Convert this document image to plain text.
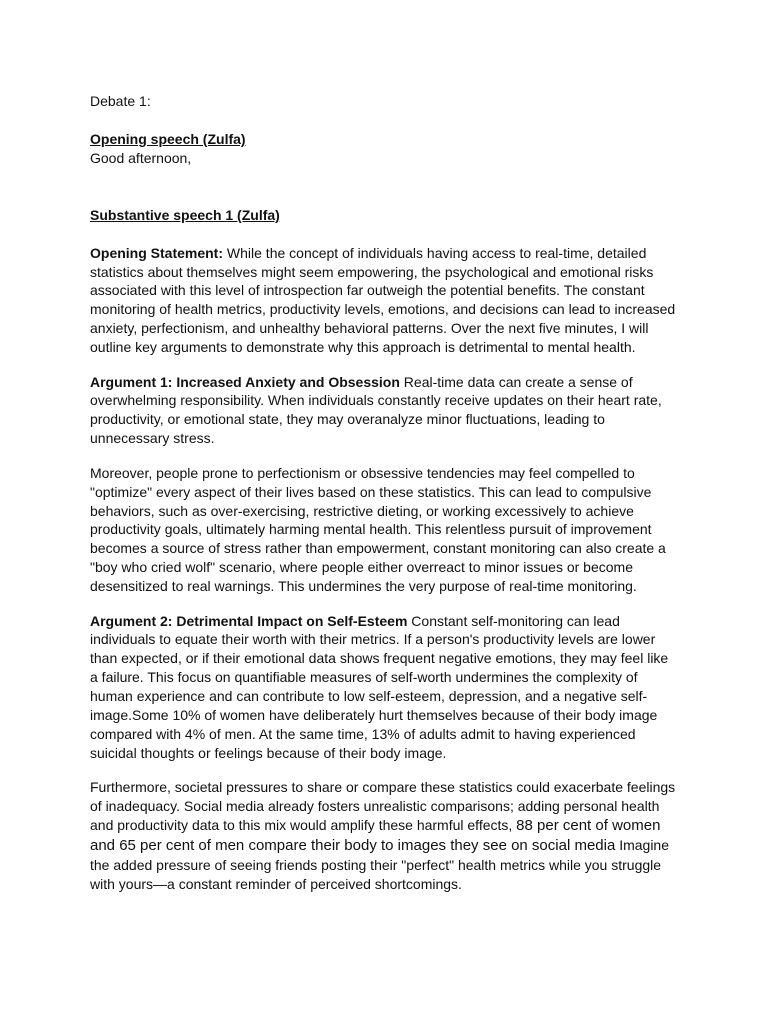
Debate 1:

Opening speech (Zulfa)

Good afternoon,

Substantive speech 1 (Zulfa)

Opening Statement: While the concept of individuals having access to real-time, detailed statistics about themselves might seem empowering, the psychological and emotional risks associated with this level of introspection far outweigh the potential benefits. The constant monitoring of health metrics, productivity levels, emotions, and decisions can lead to increased anxiety, perfectionism, and unhealthy behavioral patterns. Over the next five minutes, I will outline key arguments to demonstrate why this approach is detrimental to mental health.

Argument 1: Increased Anxiety and Obsession Real-time data can create a sense of overwhelming responsibility. When individuals constantly receive updates on their heart rate, productivity, or emotional state, they may overanalyze minor fluctuations, leading to unnecessary stress.

Moreover, people prone to perfectionism or obsessive tendencies may feel compelled to "optimize" every aspect of their lives based on these statistics. This can lead to compulsive behaviors, such as over-exercising, restrictive dieting, or working excessively to achieve productivity goals, ultimately harming mental health. This relentless pursuit of improvement becomes a source of stress rather than empowerment, constant monitoring can also create a "boy who cried wolf" scenario, where people either overreact to minor issues or become desensitized to real warnings. This undermines the very purpose of real-time monitoring.

Argument 2: Detrimental Impact on Self-Esteem Constant self-monitoring can lead individuals to equate their worth with their metrics. If a person's productivity levels are lower than expected, or if their emotional data shows frequent negative emotions, they may feel like a failure. This focus on quantifiable measures of self-worth undermines the complexity of human experience and can contribute to low self-esteem, depression, and a negative self-image.Some 10% of women have deliberately hurt themselves because of their body image compared with 4% of men. At the same time, 13% of adults admit to having experienced suicidal thoughts or feelings because of their body image.

Furthermore, societal pressures to share or compare these statistics could exacerbate feelings of inadequacy. Social media already fosters unrealistic comparisons; adding personal health and productivity data to this mix would amplify these harmful effects, 88 per cent of women and 65 per cent of men compare their body to images they see on social media Imagine the added pressure of seeing friends posting their "perfect" health metrics while you struggle with yours—a constant reminder of perceived shortcomings.
